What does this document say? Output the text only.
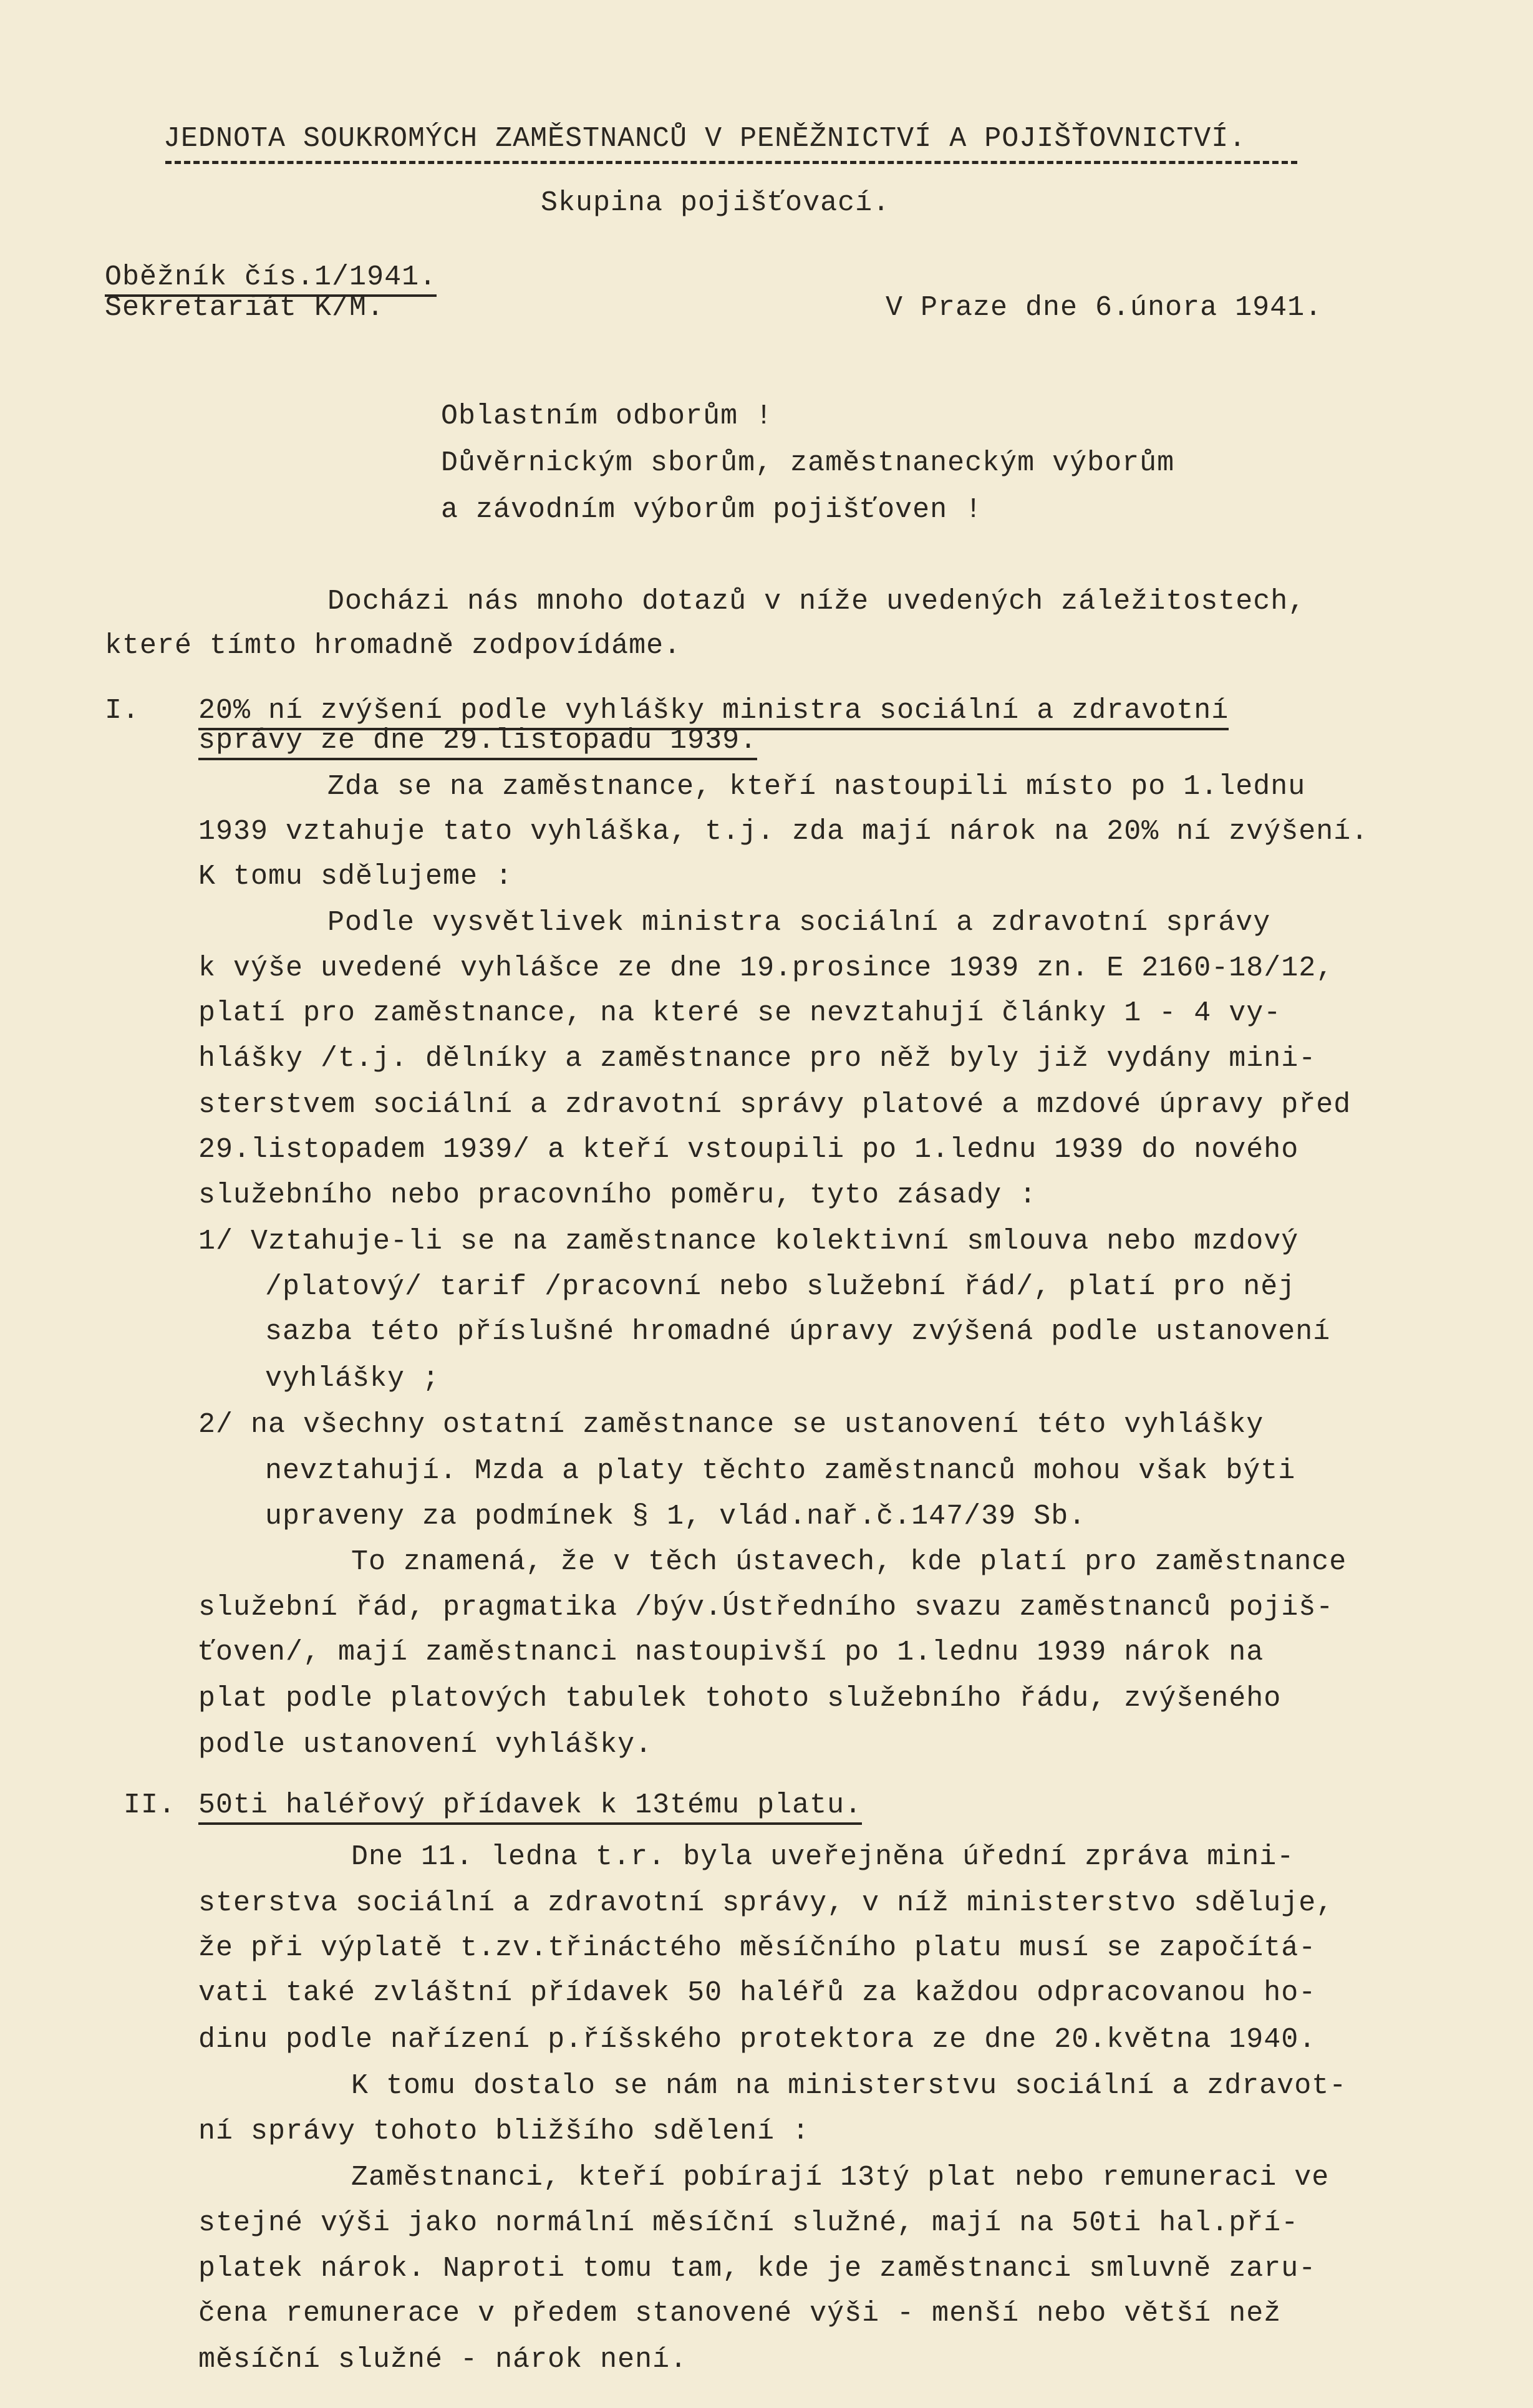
JEDNOTA SOUKROMÝCH ZAMĚSTNANCŮ V PENĚŽNICTVÍ A POJIŠŤOVNICTVÍ.
Skupina pojišťovací.
Oběžník čís.1/1941.
Sekretariát K/M.	V Praze dne 6.února 1941.
Oblastním odborům !
Důvěrnickým sborům, zaměstnaneckým výborům
a závodním výborům pojišťoven !
Docházi nás mnoho dotazů v níže uvedených záležitostech,
které tímto hromadně zodpovídáme.
I. 20% ní zvýšení podle vyhlášky ministra sociální a zdravotní
správy ze dne 29.listopadu 1939.
Zda se na zaměstnance, kteří nastoupili místo po 1.lednu
1939 vztahuje tato vyhláška, t.j. zda mají nárok na 20% ní zvýšení.
K tomu sdělujeme :
Podle vysvětlivek ministra sociální a zdravotní správy
k výše uvedené vyhlášce ze dne 19.prosince 1939 zn. E 2160-18/12,
platí pro zaměstnance, na které se nevztahují články 1 - 4 vy-
hlášky /t.j. dělníky a zaměstnance pro něž byly již vydány mini-
sterstvem sociální a zdravotní správy platové a mzdové úpravy před
29.listopadem 1939/ a kteří vstoupili po 1.lednu 1939 do nového
služebního nebo pracovního poměru, tyto zásady :
1/ Vztahuje-li se na zaměstnance kolektivní smlouva nebo mzdový
/platový/ tarif /pracovní nebo služební řád/, platí pro něj
sazba této příslušné hromadné úpravy zvýšená podle ustanovení
vyhlášky ;
2/ na všechny ostatní zaměstnance se ustanovení této vyhlášky
nevztahují. Mzda a platy těchto zaměstnanců mohou však býti
upraveny za podmínek § 1, vlád.nař.č.147/39 Sb.
To znamená, že v těch ústavech, kde platí pro zaměstnance
služební řád, pragmatika /býv.Ústředního svazu zaměstnanců pojiš-
ťoven/, mají zaměstnanci nastoupivší po 1.lednu 1939 nárok na
plat podle platových tabulek tohoto služebního řádu, zvýšeného
podle ustanovení vyhlášky.
II. 50ti haléřový přídavek k 13tému platu.
Dne 11. ledna t.r. byla uveřejněna úřední zpráva mini-
sterstva sociální a zdravotní správy, v níž ministerstvo sděluje,
že při výplatě t.zv.třináctého měsíčního platu musí se započítá-
vati také zvláštní přídavek 50 haléřů za každou odpracovanou ho-
dinu podle nařízení p.říšského protektora ze dne 20.května 1940.
K tomu dostalo se nám na ministerstvu sociální a zdravot-
ní správy tohoto bližšího sdělení :
Zaměstnanci, kteří pobírají 13tý plat nebo remuneraci ve
stejné výši jako normální měsíční služné, mají na 50ti hal.pří-
platek nárok. Naproti tomu tam, kde je zaměstnanci smluvně zaru-
čena remunerace v předem stanovené výši - menší nebo větší než
měsíční služné - nárok není.
